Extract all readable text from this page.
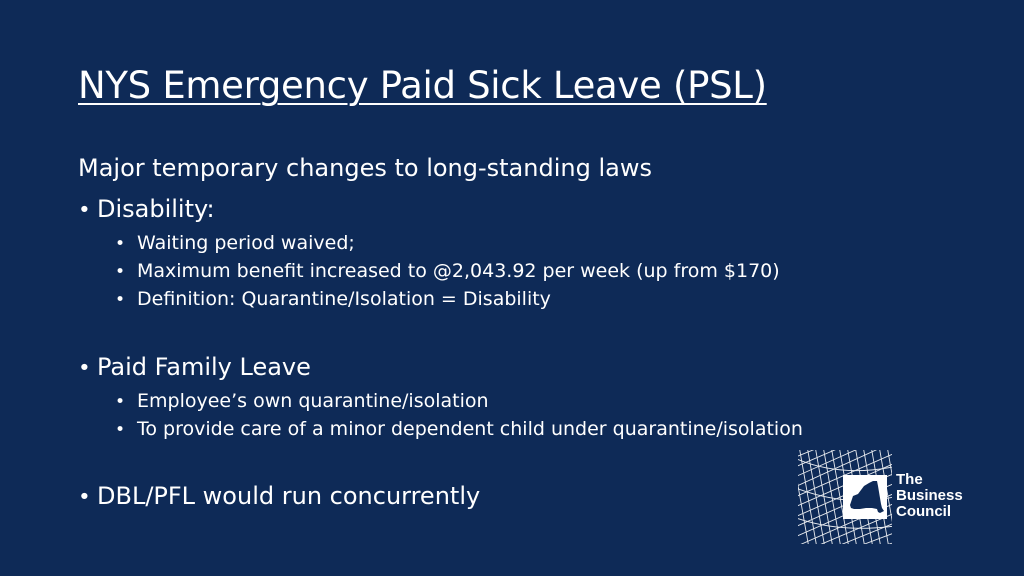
NYS Emergency Paid Sick Leave (PSL)

Major temporary changes to long-standing laws

• Disability:
• Waiting period waived;
• Maximum benefit increased to @2,043.92 per week (up from $170)
• Definition: Quarantine/Isolation = Disability
• Paid Family Leave
• Employee’s own quarantine/isolation
• To provide care of a minor dependent child under quarantine/isolation
• DBL/PFL would run concurrently
The
Business
Council
